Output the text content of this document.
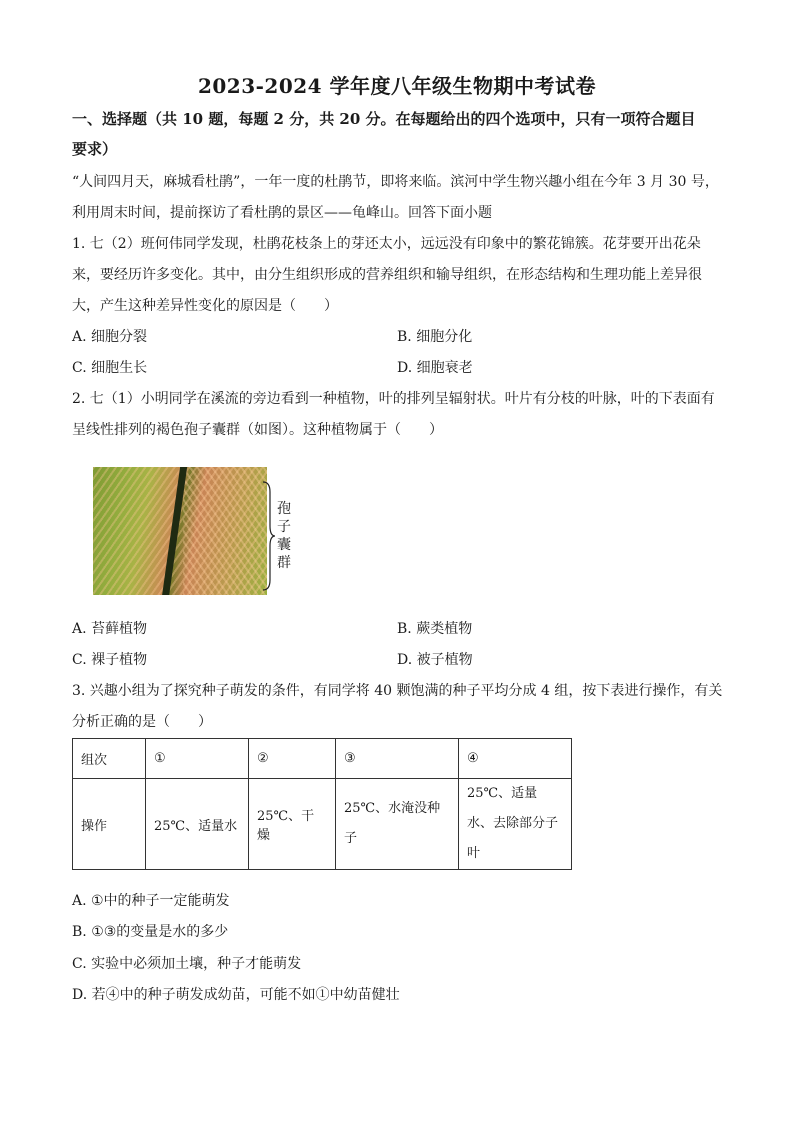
2023-2024 学年度八年级生物期中考试卷
一、选择题（共 10 题，每题 2 分，共 20 分。在每题给出的四个选项中，只有一项符合题目
要求）
“人间四月天，麻城看杜鹃”，一年一度的杜鹃节，即将来临。滨河中学生物兴趣小组在今年 3 月 30 号，
利用周末时间，提前探访了看杜鹃的景区——龟峰山。回答下面小题
1. 七（2）班何伟同学发现，杜鹃花枝条上的芽还太小，远远没有印象中的繁花锦簇。花芽要开出花朵
来，要经历许多变化。其中，由分生组织形成的营养组织和输导组织，在形态结构和生理功能上差异很
大，产生这种差异性变化的原因是（　　）
A. 细胞分裂	B. 细胞分化
C. 细胞生长	D. 细胞衰老
2. 七（1）小明同学在溪流的旁边看到一种植物，叶的排列呈辐射状。叶片有分枝的叶脉，叶的下表面有
呈线性排列的褐色孢子囊群（如图）。这种植物属于（　　）
孢子囊群
A. 苔藓植物	B. 蕨类植物
C. 裸子植物	D. 被子植物
3. 兴趣小组为了探究种子萌发的条件，有同学将 40 颗饱满的种子平均分成 4 组，按下表进行操作，有关
分析正确的是（　　）
组次	①	②	③	④
操作	25℃、适量水	25℃、干燥	25℃、水淹没种子	25℃、适量水、去除部分子叶
A. ①中的种子一定能萌发
B. ①③的变量是水的多少
C. 实验中必须加土壤，种子才能萌发
D. 若④中的种子萌发成幼苗，可能不如①中幼苗健壮
